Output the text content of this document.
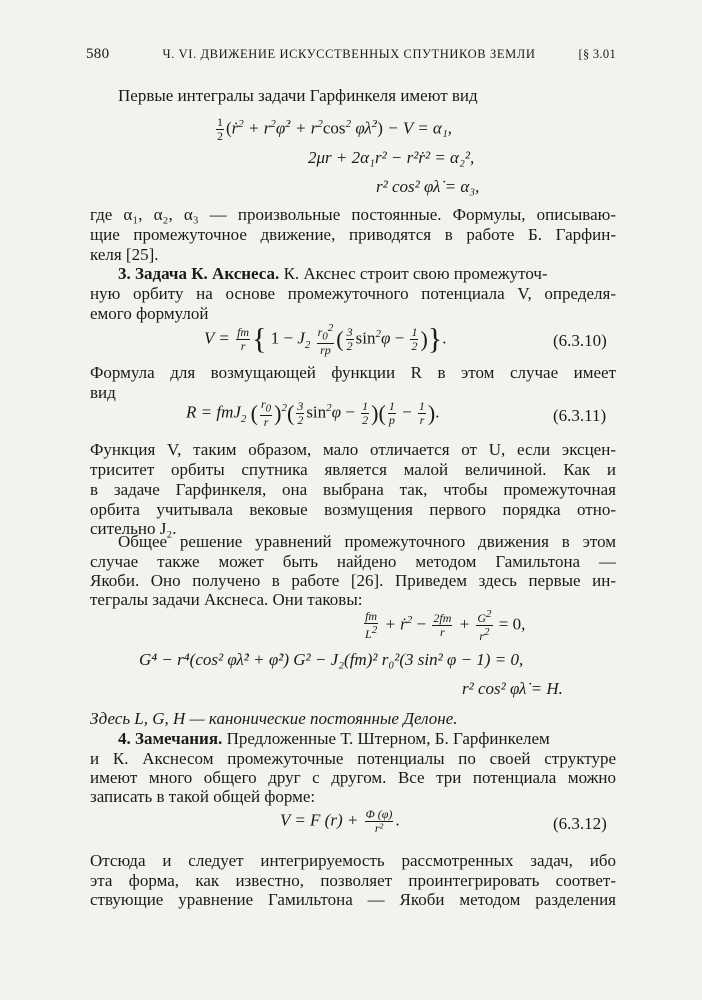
580	Ч. VI. ДВИЖЕНИЕ ИСКУССТВЕННЫХ СПУТНИКОВ ЗЕМЛИ	[§ 3.01
Первые интегралы задачи Гарфинкеля имеют вид
$\frac{1}{2}$ (ṙ$^2$ + $r^2\varphi̇^2 + r^2\cos^2$ φλ̇$^2$) − V = α₁,
2μr + 2α₁r² − r²ṙ² = α₂²,
r² cos² φλ̇ = α₃,
где α₁, α₂, α₃ — произвольные постоянные. Формулы, описываю-
щие промежуточное движение, приводятся в работе Б. Гарфин-
келя [25].
3. Задача К. Акснеса. К. Акснес строит свою промежуточ-
ную орбиту на основе промежуточного потенциала V, определя-
емого формулой
$V = \frac{fm}{r}$ { $1 - J_2 \frac{r_0^2}{rp}$ ( $\frac{3}{2} \sin^2\varphi - \frac{1}{2}$ )}.	(6.3.10)
Формула для возмущающей функции R в этом случае имеет
вид
R = fmJ$_2$ ( $\frac{r_0}{r} )^2( \frac{3}{2} \sin^2\varphi - \frac{1}{2}$ )( $\frac{1}{p} - \frac{1}{r}$ ).	(6.3.11)
Функция V, таким образом, мало отличается от U, если эксцен-
триситет орбиты спутника является малой величиной. Как и
в задаче Гарфинкеля, она выбрана так, чтобы промежуточная
орбита учитывала вековые возмущения первого порядка отно-
сительно J₂.
Общее решение уравнений промежуточного движения в этом
случае также может быть найдено методом Гамильтона —
Якоби. Оно получено в работе [26]. Приведем здесь первые ин-
тегралы задачи Акснеса. Они таковы:
$\frac{fm}{L^2}$ + ṙ$^2$ − $\frac{2fm}{r} + \frac{G^2}{r^2} = 0$,
G⁴ − r⁴(cos² φλ̇² + φ̇²) G² − J₂(fm)² r₀²(3 sin² φ − 1) = 0,
r² cos² φλ̇ = H.
Здесь L, G, H — канонические постоянные Делоне.
4. Замечания. Предложенные Т. Штерном, Б. Гарфинкелем
и К. Акснесом промежуточные потенциалы по своей структуре
имеют много общего друг с другом. Все три потенциала можно
записать в такой общей форме:
V = F $(r) + \frac{\Phi (\varphi)}{\text{r²}}$ .	(6.3.12)
Отсюда и следует интегрируемость рассмотренных задач, ибо
эта форма, как известно, позволяет проинтегрировать соответ-
ствующие уравнение Гамильтона — Якоби методом разделения
